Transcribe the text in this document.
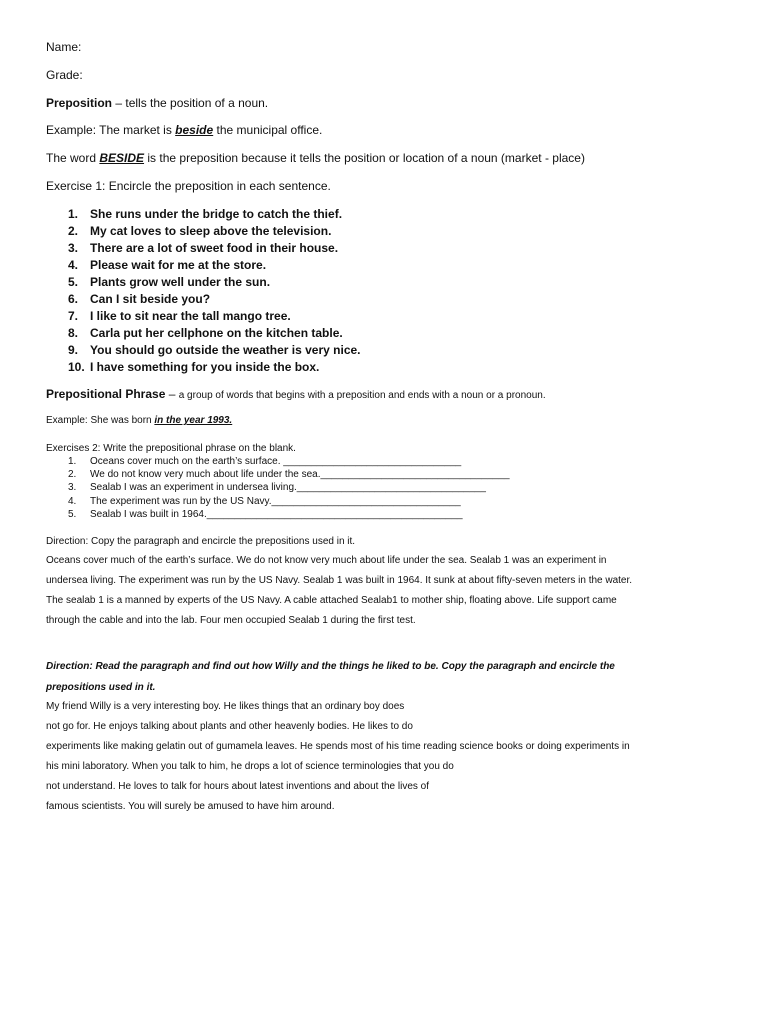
Name:
Grade:
Preposition – tells the position of a noun.
Example: The market is beside the municipal office.
The word BESIDE is the preposition because it tells the position or location of a noun (market - place)
Exercise 1: Encircle the preposition in each sentence.
1. She runs under the bridge to catch the thief.
2. My cat loves to sleep above the television.
3. There are a lot of sweet food in their house.
4. Please wait for me at the store.
5. Plants grow well under the sun.
6. Can I sit beside you?
7. I like to sit near the tall mango tree.
8. Carla put her cellphone on the kitchen table.
9. You should go outside the weather is very nice.
10. I have something for you inside the box.
Prepositional Phrase – a group of words that begins with a preposition and ends with a noun or a pronoun.
Example: She was born in the year 1993.
Exercises 2: Write the prepositional phrase on the blank.
1. Oceans cover much on the earth’s surface. ________________________________
2. We do not know very much about life under the sea.__________________________________
3. Sealab I was an experiment in undersea living.__________________________________
4. The experiment was run by the US Navy.__________________________________
5. Sealab I was built in 1964.______________________________________________
Direction: Copy the paragraph and encircle the prepositions used in it.
Oceans cover much of the earth’s surface. We do not know very much about life under the sea. Sealab 1 was an experiment in
undersea living. The experiment was run by the US Navy. Sealab 1 was built in 1964. It sunk at about fifty-seven meters in the water.
The sealab 1 is a manned by experts of the US Navy. A cable attached Sealab1 to mother ship, floating above. Life support came
through the cable and into the lab. Four men occupied Sealab 1 during the first test.
Direction: Read the paragraph and find out how Willy and the things he liked to be. Copy the paragraph and encircle the
prepositions used in it.
My friend Willy is a very interesting boy. He likes things that an ordinary boy does
not go for. He enjoys talking about plants and other heavenly bodies. He likes to do
experiments like making gelatin out of gumamela leaves. He spends most of his time reading science books or doing experiments in
his mini laboratory. When you talk to him, he drops a lot of science terminologies that you do
not understand. He loves to talk for hours about latest inventions and about the lives of
famous scientists. You will surely be amused to have him around.
